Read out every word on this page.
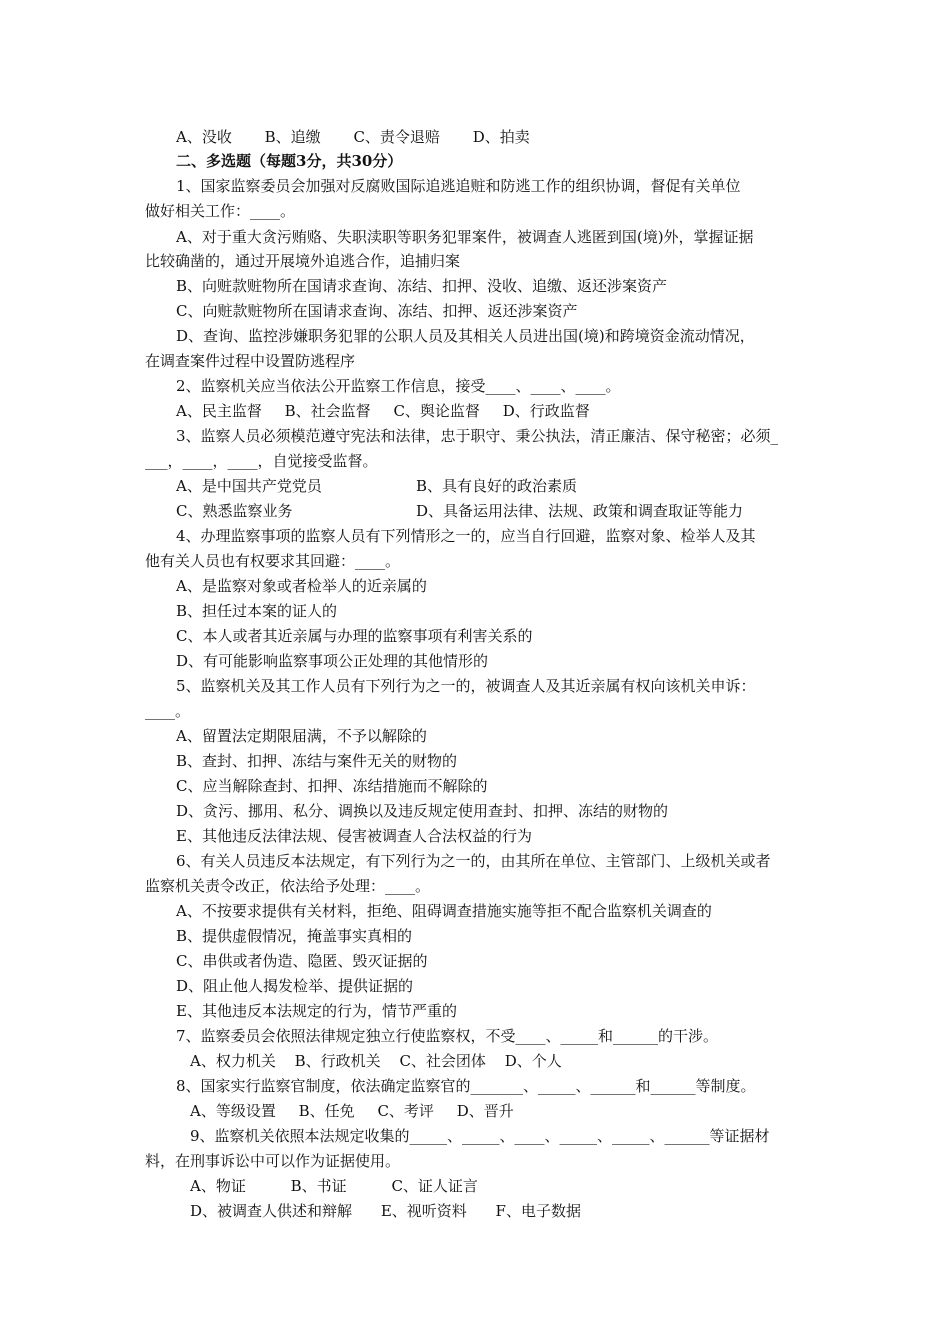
A、没收 B、追缴 C、责令退赔 D、拍卖
二、多选题（每题3分，共30分）
1、国家监察委员会加强对反腐败国际追逃追赃和防逃工作的组织协调，督促有关单位
做好相关工作：____。
A、对于重大贪污贿赂、失职渎职等职务犯罪案件，被调查人逃匿到国(境)外，掌握证据
比较确凿的，通过开展境外追逃合作，追捕归案
B、向赃款赃物所在国请求查询、冻结、扣押、没收、追缴、返还涉案资产
C、向赃款赃物所在国请求查询、冻结、扣押、返还涉案资产
D、查询、监控涉嫌职务犯罪的公职人员及其相关人员进出国(境)和跨境资金流动情况，
在调查案件过程中设置防逃程序
2、监察机关应当依法公开监察工作信息，接受____、____、____。
A、民主监督 B、社会监督 C、舆论监督 D、行政监督
3、监察人员必须模范遵守宪法和法律，忠于职守、秉公执法，清正廉洁、保守秘密；必须_
___，____，____，自觉接受监督。
A、是中国共产党党员	B、具有良好的政治素质
C、熟悉监察业务	D、具备运用法律、法规、政策和调查取证等能力
4、办理监察事项的监察人员有下列情形之一的，应当自行回避，监察对象、检举人及其
他有关人员也有权要求其回避：____。
A、是监察对象或者检举人的近亲属的
B、担任过本案的证人的
C、本人或者其近亲属与办理的监察事项有利害关系的
D、有可能影响监察事项公正处理的其他情形的
5、监察机关及其工作人员有下列行为之一的，被调查人及其近亲属有权向该机关申诉：
____。
A、留置法定期限届满，不予以解除的
B、查封、扣押、冻结与案件无关的财物的
C、应当解除查封、扣押、冻结措施而不解除的
D、贪污、挪用、私分、调换以及违反规定使用查封、扣押、冻结的财物的
E、其他违反法律法规、侵害被调查人合法权益的行为
6、有关人员违反本法规定，有下列行为之一的，由其所在单位、主管部门、上级机关或者
监察机关责令改正，依法给予处理：____。
A、不按要求提供有关材料，拒绝、阻碍调查措施实施等拒不配合监察机关调查的
B、提供虚假情况，掩盖事实真相的
C、串供或者伪造、隐匿、毁灭证据的
D、阻止他人揭发检举、提供证据的
E、其他违反本法规定的行为，情节严重的
7、监察委员会依照法律规定独立行使监察权，不受____、_____和______的干涉。
A、权力机关 B、行政机关 C、社会团体 D、个人
8、国家实行监察官制度，依法确定监察官的_______、_____、______和______等制度。
A、等级设置 B、任免 C、考评 D、晋升
9、监察机关依照本法规定收集的_____、_____、____、_____、_____、______等证据材
料，在刑事诉讼中可以作为证据使用。
A、物证	B、书证	C、证人证言
D、被调查人供述和辩解 E、视听资料 F、电子数据
